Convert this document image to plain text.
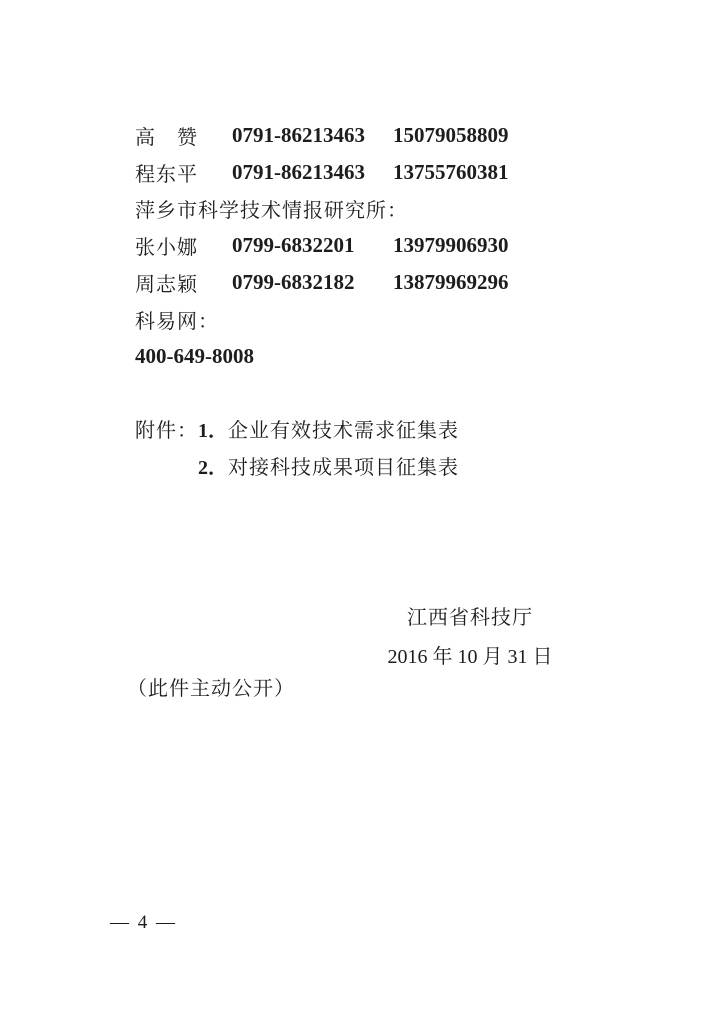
高　赞	0791-86213463	15079058809
程东平	0791-86213463	13755760381
萍乡市科学技术情报研究所：
张小娜	0799-6832201	13979906930
周志颖	0799-6832182	13879969296
科易网：
400-649-8008
附件： 1． 企业有效技术需求征集表
2． 对接科技成果项目征集表
江西省科技厅
2016 年 10 月 31 日
（此件主动公开）
— 4 —
